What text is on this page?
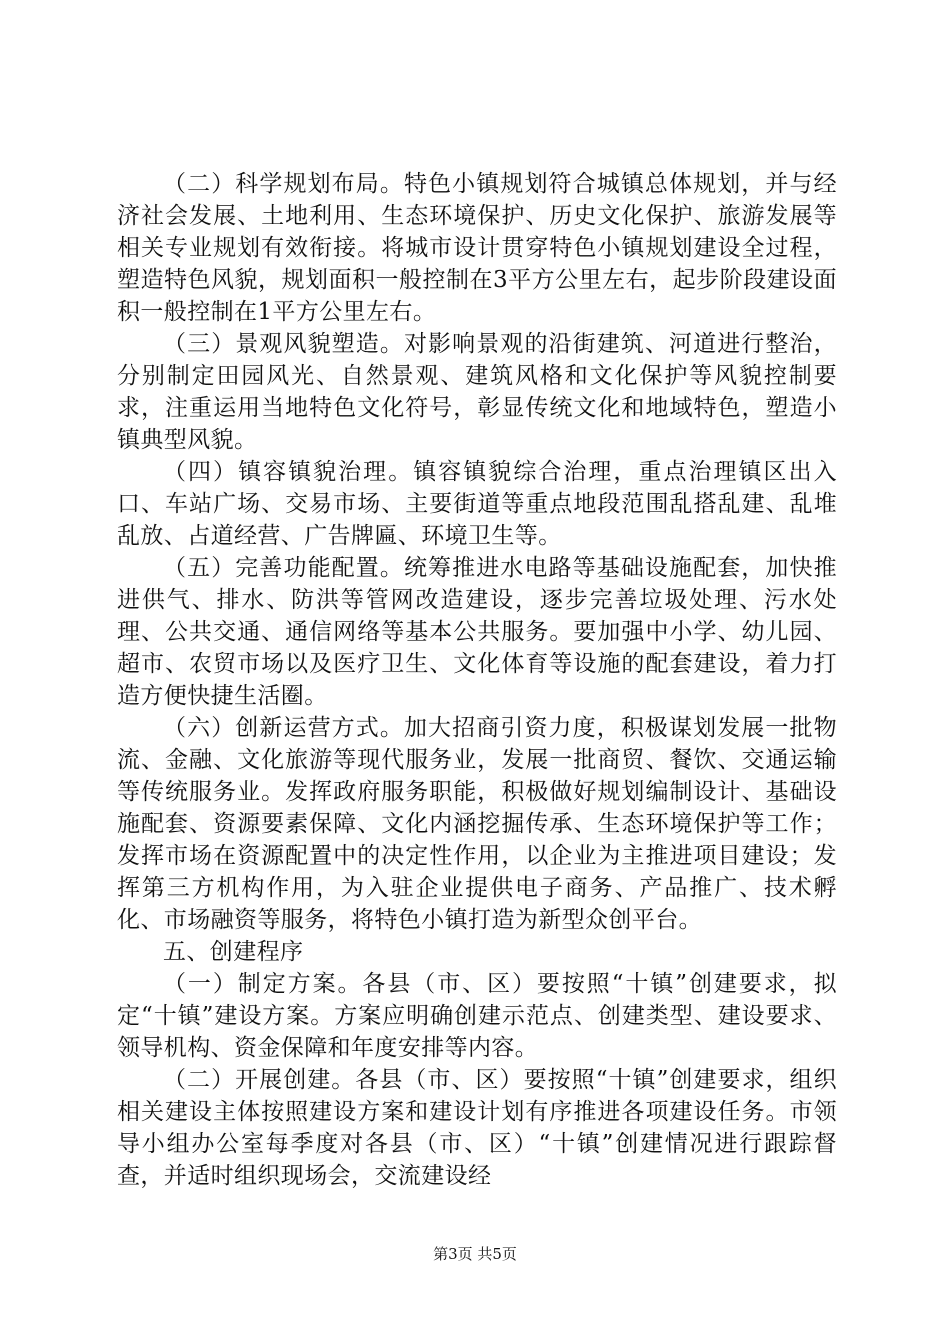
（二）科学规划布局。特色小镇规划符合城镇总体规划，并与经济社会发展、土地利用、生态环境保护、历史文化保护、旅游发展等相关专业规划有效衔接。将城市设计贯穿特色小镇规划建设全过程，塑造特色风貌，规划面积一般控制在3平方公里左右，起步阶段建设面积一般控制在1平方公里左右。

（三）景观风貌塑造。对影响景观的沿街建筑、河道进行整治，分别制定田园风光、自然景观、建筑风格和文化保护等风貌控制要求，注重运用当地特色文化符号，彰显传统文化和地域特色，塑造小镇典型风貌。

（四）镇容镇貌治理。镇容镇貌综合治理，重点治理镇区出入口、车站广场、交易市场、主要街道等重点地段范围乱搭乱建、乱堆乱放、占道经营、广告牌匾、环境卫生等。

（五）完善功能配置。统筹推进水电路等基础设施配套，加快推进供气、排水、防洪等管网改造建设，逐步完善垃圾处理、污水处理、公共交通、通信网络等基本公共服务。要加强中小学、幼儿园、超市、农贸市场以及医疗卫生、文化体育等设施的配套建设，着力打造方便快捷生活圈。

（六）创新运营方式。加大招商引资力度，积极谋划发展一批物流、金融、文化旅游等现代服务业，发展一批商贸、餐饮、交通运输等传统服务业。发挥政府服务职能，积极做好规划编制设计、基础设施配套、资源要素保障、文化内涵挖掘传承、生态环境保护等工作；发挥市场在资源配置中的决定性作用，以企业为主推进项目建设；发挥第三方机构作用，为入驻企业提供电子商务、产品推广、技术孵化、市场融资等服务，将特色小镇打造为新型众创平台。

五、创建程序

（一）制定方案。各县（市、区）要按照“十镇”创建要求，拟定“十镇”建设方案。方案应明确创建示范点、创建类型、建设要求、领导机构、资金保障和年度安排等内容。

（二）开展创建。各县（市、区）要按照“十镇”创建要求，组织相关建设主体按照建设方案和建设计划有序推进各项建设任务。市领导小组办公室每季度对各县（市、区）“十镇”创建情况进行跟踪督查，并适时组织现场会，交流建设经

第3页 共5页
